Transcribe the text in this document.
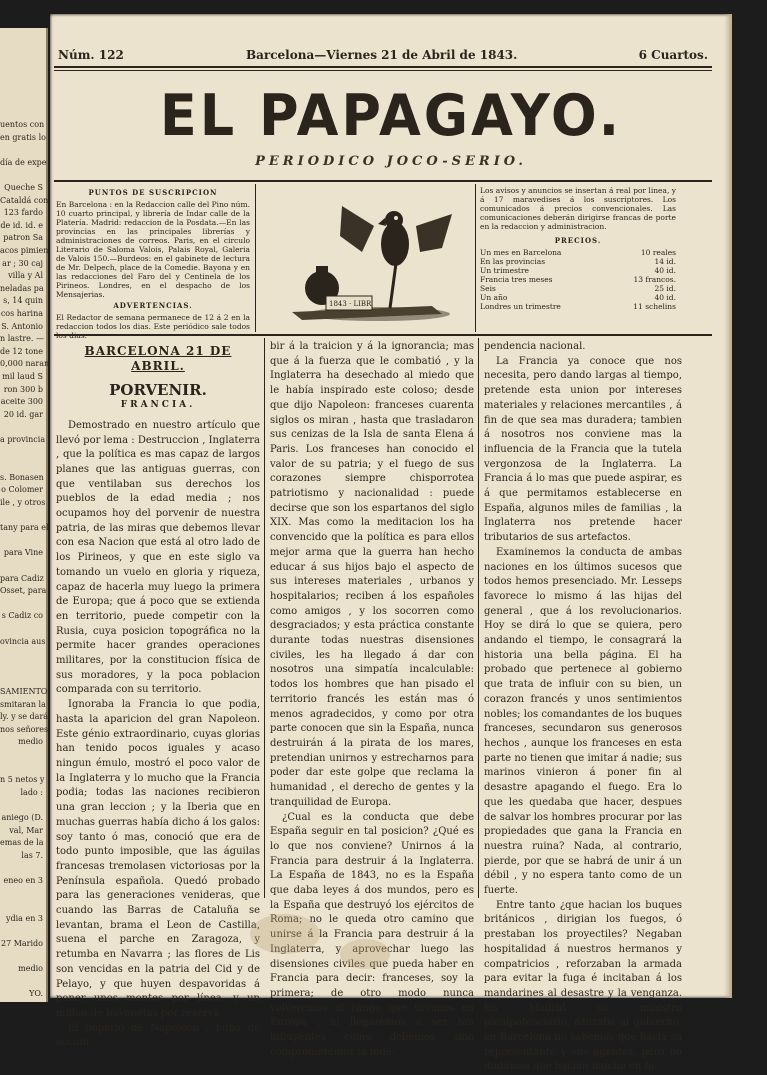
uentos con
en gratis lo
día de expe
Queche S
Cataldá con
123 fardo
de id. id. e
patron Sa
acos pimien
ar ; 30 caj
villa y Al
neladas pa
s, 14 quin
cos harina
S. Antonio
n lastre. —
de 12 tone
0,000 naran
mil laud S
ron 300 b
aceite 300
20 id. gar
a provincia
s. Bonasen
o Colomer
ile , y otros
tany para el
para Vine
para Cadiz
Osset, para
s Cadiz co
ovincia aus
SAMIENTO
smitaran la
ly. y se dará
nos señores
medio
n 5 netos y
lado :
aniego (D.
val, Mar
emas de la
las 7.
eneo en 3
ydia en 3
27 Marido
medio
YO.
Núm. 122	Barcelona—Viernes 21 de Abril de 1843.	6 Cuartos.
EL PAPAGAYO.
PERIODICO JOCO-SERIO.
PUNTOS DE SUSCRIPCION

En Barcelona : en la Redaccion calle del Pino núm. 10 cuarto principal, y librería de Indar calle de la Platería. Madrid: redaccion de la Posdata.—En las provincias en las principales librerías y administraciones de correos. Paris, en el circulo Literario de Saloma Valois, Palais Royal, Galeria de Valois 150.—Burdeos: en el gabinete de lectura de Mr. Delpech, place de la Comedie. Bayona y en las redacciones del Faro del y Centinela de los Pirineos. Londres, en el despacho de los Mensajerias.

ADVERTENCIAS.

El Redactor de semana permanece de 12 á 2 en la redaccion todos los dias. Este periódico sale todos los dias.

1843 · LIBR

Los avisos y anuncios se insertan á real por linea, y á 17 maravedises á los suscriptores. Los comunicados á precios convencionales. Las comunicaciones deberán dirigirse francas de porte en la redaccion y administracion.

PRECIOS.
Un mes en Barcelona	10 reales
En las provincias	14 id.
Un trimestre	40 id.
Francia tres meses	13 francos.
Seis	25 id.
Un año	40 id.
Londres un trimestre	11 schelins
BARCELONA 21 DE ABRIL.
PORVENIR.
FRANCIA.

Demostrado en nuestro artículo que llevó por lema : Destruccion , Inglaterra , que la política es mas capaz de largos planes que las antiguas guerras, con que ventilaban sus derechos los pueblos de la edad media ; nos ocupamos hoy del porvenir de nuestra patria, de las miras que debemos llevar con esa Nacion que está al otro lado de los Pirineos, y que en este siglo va tomando un vuelo en gloria y riqueza, capaz de hacerla muy luego la primera de Europa; que á poco que se extienda en territorio, puede competir con la Rusia, cuya posicion topográfica no la permite hacer grandes operaciones militares, por la constitucion física de sus moradores, y la poca poblacion comparada con su territorio.

Ignoraba la Francia lo que podia, hasta la aparicion del gran Napoleon. Este génio extraordinario, cuyas glorias han tenido pocos iguales y acaso ningun émulo, mostró el poco valor de la Inglaterra y lo mucho que la Francia podia; todas las naciones recibieron una gran leccion ; y la Iberia que en muchas guerras había dicho á los galos: soy tanto ó mas, conoció que era de todo punto imposible, que las águilas francesas tremolasen victoriosas por la Península española. Quedó probado para las generaciones venideras, que cuando las Barras de Cataluña se levantan, brama el Leon de Castilla, suena el parche en Zaragoza, y retumba en Navarra ; las flores de Lis son vencidas en la patria del Cid y de Pelayo, y que huyen despavoridas á poner unos montes por línea, y un millon de bayonetas por reserva.

El imperio de Napoleon , hubo de sucum-

bir á la traicion y á la ignorancia; mas que á la fuerza que le combatió , y la Inglaterra ha desechado al miedo que le había inspirado este coloso; desde que dijo Napoleon: franceses cuarenta siglos os miran , hasta que trasladaron sus cenizas de la Isla de santa Elena á Paris. Los franceses han conocido el valor de su patria; y el fuego de sus corazones siempre chisporrotea patriotismo y nacionalidad : puede decirse que son los espartanos del siglo XIX. Mas como la meditacion los ha convencido que la política es para ellos mejor arma que la guerra han hecho educar á sus hijos bajo el aspecto de sus intereses materiales , urbanos y hospitalarios; reciben á los españoles como amigos , y los socorren como desgraciados; y esta práctica constante durante todas nuestras disensiones civiles, les ha llegado á dar con nosotros una simpatía incalculable: todos los hombres que han pisado el territorio francés les están mas ó menos agradecidos, y como por otra parte conocen que sin la España, nunca destruirán á la pirata de los mares, pretendian unirnos y estrecharnos para poder dar este golpe que reclama la humanidad , el derecho de gentes y la tranquilidad de Europa.

¿Cual es la conducta que debe España seguir en tal posicion? ¿Qué es lo que nos conviene? Unirnos á la Francia para destruir á la Inglaterra. La España de 1843, no es la España que daba leyes á dos mundos, pero es la España que destruyó los ejércitos de Roma; no le queda otro camino que unirse á la Francia para destruir á la Inglaterra, y aprovechar luego las disensiones civiles que pueda haber en Francia para decir: franceses, soy la primera; de otro modo nunca volveremos al rango que tuvimos en Europa , ni llegaremos á ser tan influyentes como debemos sino comprometemos la inde-

pendencia nacional.

La Francia ya conoce que nos necesita, pero dando largas al tiempo, pretende esta union por intereses materiales y relaciones mercantiles , á fin de que sea mas duradera; tambien á nosotros nos conviene mas la influencia de la Francia que la tutela vergonzosa de la Inglaterra. La Francia á lo mas que puede aspirar, es á que permitamos establecerse en España, algunos miles de familias , la Inglaterra nos pretende hacer tributarios de sus artefactos.

Examinemos la conducta de ambas naciones en los últimos sucesos que todos hemos presenciado. Mr. Lesseps favorece lo mismo á las hijas del general , que á los revolucionarios. Hoy se dirá lo que se quiera, pero andando el tiempo, le consagrará la historia una bella página. El ha probado que pertenece al gobierno que trata de influir con su bien, un corazon francés y unos sentimientos nobles; los comandantes de los buques franceses, secundaron sus generosos hechos , aunque los franceses en esta parte no tienen que imitar á nadie; sus marinos vinieron á poner fin al desastre apagando el fuego. Era lo que les quedaba que hacer, despues de salvar los hombres procurar por las propiedades que gana la Francia en nuestra ruina? Nada, al contrario, pierde, por que se habrá de unir á un débil , y no espera tanto como de un fuerte.

Entre tanto ¿que hacian los buques británicos , dirigian los fuegos, ó prestaban los proyectiles? Negaban hospitalidad á nuestros hermanos y compatricios , reforzaban la armada para evitar la fuga é incitaban á los mandarines al desastre y la venganza. En Madrid su ministro plenipotenciario, azuzaba al gobierno: en Barcelona no sabemos que hacia su representante y sus agentes, pero no dudamos que hacian mucho en fa-
